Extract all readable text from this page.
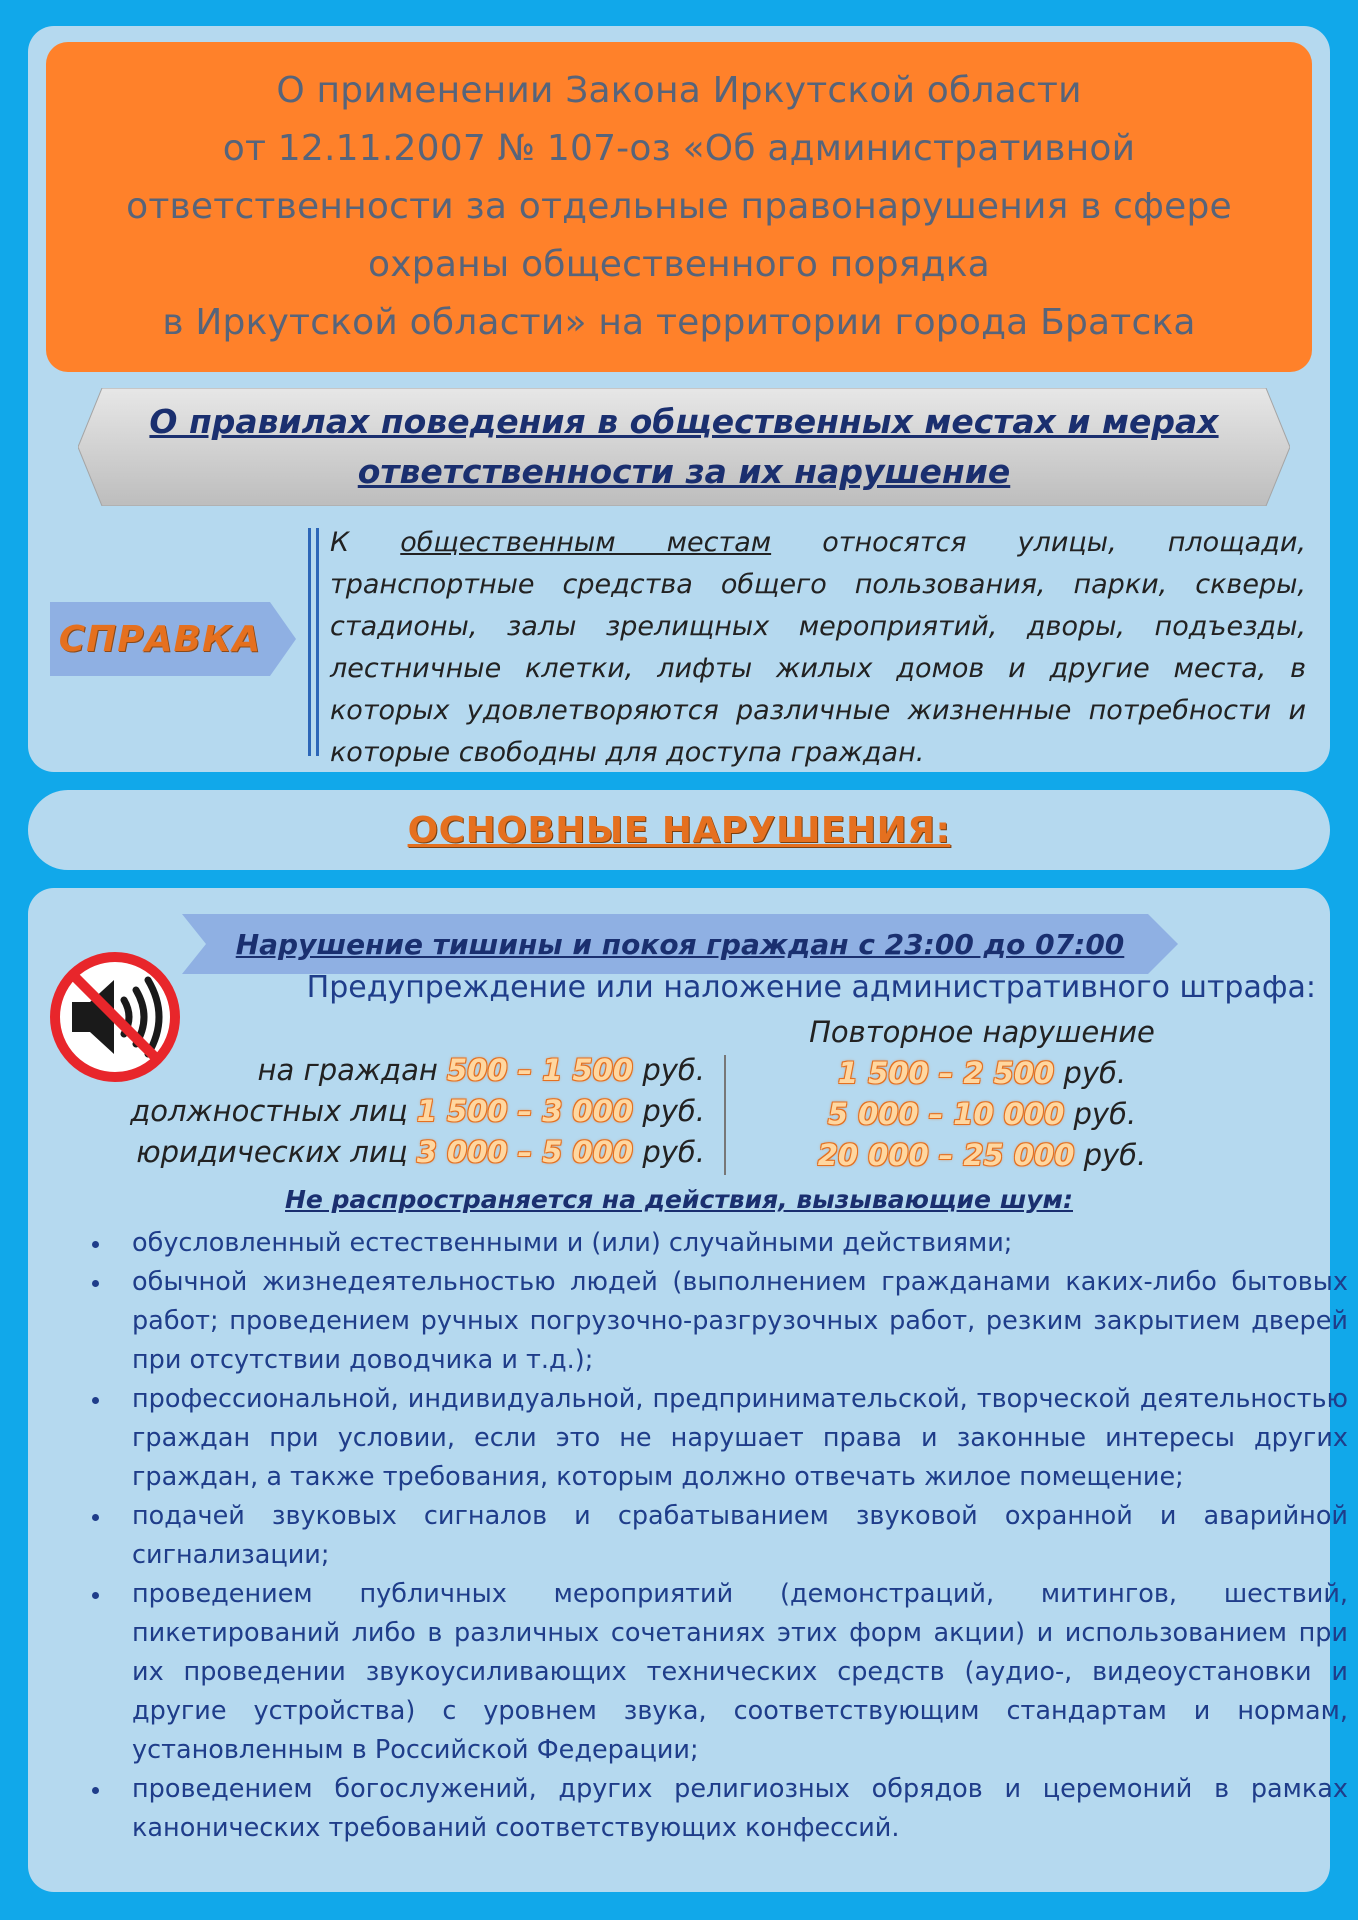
О применении Закона Иркутской области
от 12.11.2007 № 107-оз «Об административной
ответственности за отдельные правонарушения в сфере
охраны общественного порядка
в Иркутской области» на территории города Братска
О правилах поведения в общественных местах и мерах
ответственности за их нарушение
СПРАВКА
К общественным местам относятся улицы, площади, транспортные средства общего пользования, парки, скверы, стадионы, залы зрелищных мероприятий, дворы, подъезды, лестничные клетки, лифты жилых домов и другие места, в которых удовлетворяются различные жизненные потребности и которые свободны для доступа граждан.
ОСНОВНЫЕ НАРУШЕНИЯ:
Нарушение тишины и покоя граждан с 23:00 до 07:00
Предупреждение или наложение административного штрафа:
на граждан 500 – 1 500 руб.
должностных лиц 1 500 – 3 000 руб.
юридических лиц 3 000 – 5 000 руб.
Повторное нарушение
1 500 – 2 500 руб.
5 000 – 10 000 руб.
20 000 – 25 000 руб.
Не распространяется на действия, вызывающие шум:
обусловленный естественными и (или) случайными действиями;
обычной жизнедеятельностью людей (выполнением гражданами каких-либо бытовых работ; проведением ручных погрузочно-разгрузочных работ, резким закрытием дверей при отсутствии доводчика и т.д.);
профессиональной, индивидуальной, предпринимательской, творческой деятельностью граждан при условии, если это не нарушает права и законные интересы других граждан, а также требования, которым должно отвечать жилое помещение;
подачей звуковых сигналов и срабатыванием звуковой охранной и аварийной сигнализации;
проведением публичных мероприятий (демонстраций, митингов, шествий, пикетирований либо в различных сочетаниях этих форм акции) и использованием при их проведении звукоусиливающих технических средств (аудио-, видеоустановки и другие устройства) с уровнем звука, соответствующим стандартам и нормам, установленным в Российской Федерации;
проведением богослужений, других религиозных обрядов и церемоний в рамках канонических требований соответствующих конфессий.
